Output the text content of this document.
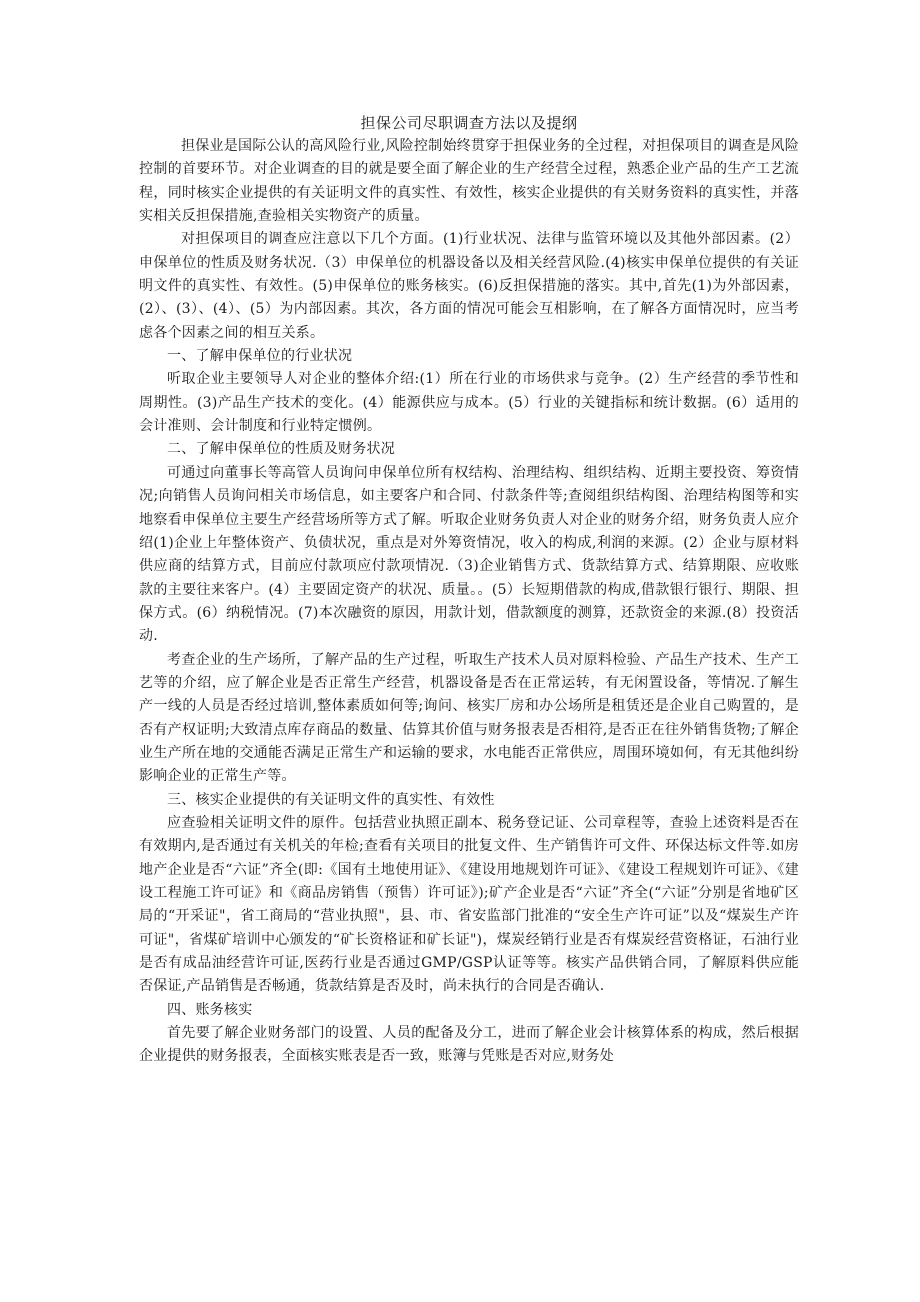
担保公司尽职调查方法以及提纲

担保业是国际公认的高风险行业,风险控制始终贯穿于担保业务的全过程，对担保项目的调查是风险控制的首要环节。对企业调查的目的就是要全面了解企业的生产经营全过程，熟悉企业产品的生产工艺流程，同时核实企业提供的有关证明文件的真实性、有效性，核实企业提供的有关财务资料的真实性，并落实相关反担保措施,查验相关实物资产的质量。

对担保项目的调查应注意以下几个方面。(1)行业状况、法律与监管环境以及其他外部因素。(2）申保单位的性质及财务状况.（3）申保单位的机器设备以及相关经营风险.(4)核实申保单位提供的有关证明文件的真实性、有效性。(5)申保单位的账务核实。(6)反担保措施的落实。其中,首先(1)为外部因素，(2）、(3）、(4）、(5）为内部因素。其次，各方面的情况可能会互相影响，在了解各方面情况时，应当考虑各个因素之间的相互关系。

一、了解申保单位的行业状况

听取企业主要领导人对企业的整体介绍:(1）所在行业的市场供求与竞争。(2）生产经营的季节性和周期性。(3)产品生产技术的变化。(4）能源供应与成本。(5）行业的关键指标和统计数据。(6）适用的会计准则、会计制度和行业特定惯例。

二、了解申保单位的性质及财务状况

可通过向董事长等高管人员询问申保单位所有权结构、治理结构、组织结构、近期主要投资、筹资情况;向销售人员询问相关市场信息，如主要客户和合同、付款条件等;查阅组织结构图、治理结构图等和实地察看申保单位主要生产经营场所等方式了解。听取企业财务负责人对企业的财务介绍，财务负责人应介绍(1)企业上年整体资产、负债状况，重点是对外筹资情况，收入的构成,利润的来源。(2）企业与原材料供应商的结算方式，目前应付款项应付款项情况.（3)企业销售方式、货款结算方式、结算期限、应收账款的主要往来客户。(4）主要固定资产的状况、质量。。(5）长短期借款的构成,借款银行银行、期限、担保方式。(6）纳税情况。(7)本次融资的原因，用款计划，借款额度的测算，还款资金的来源.(8）投资活动.

考查企业的生产场所，了解产品的生产过程，听取生产技术人员对原料检验、产品生产技术、生产工艺等的介绍，应了解企业是否正常生产经营，机器设备是否在正常运转，有无闲置设备，等情况.了解生产一线的人员是否经过培训,整体素质如何等;询问、核实厂房和办公场所是租赁还是企业自己购置的，是否有产权证明;大致清点库存商品的数量、估算其价值与财务报表是否相符,是否正在往外销售货物;了解企业生产所在地的交通能否满足正常生产和运输的要求，水电能否正常供应，周围环境如何，有无其他纠纷影响企业的正常生产等。

三、核实企业提供的有关证明文件的真实性、有效性

应查验相关证明文件的原件。包括营业执照正副本、税务登记证、公司章程等，查验上述资料是否在有效期内,是否通过有关机关的年检;查看有关项目的批复文件、生产销售许可文件、环保达标文件等.如房地产企业是否“六证”齐全(即:《国有土地使用证》、《建设用地规划许可证》、《建设工程规划许可证》、《建设工程施工许可证》和《商品房销售（预售）许可证》);矿产企业是否“六证”齐全(“六证”分别是省地矿区局的“开采证"，省工商局的“营业执照"，县、市、省安监部门批准的“安全生产许可证”以及“煤炭生产许可证"，省煤矿培训中心颁发的“矿长资格证和矿长证")，煤炭经销行业是否有煤炭经营资格证，石油行业是否有成品油经营许可证,医药行业是否通过GMP/GSP认证等等。核实产品供销合同，了解原料供应能否保证,产品销售是否畅通，货款结算是否及时，尚未执行的合同是否确认.

四、账务核实

首先要了解企业财务部门的设置、人员的配备及分工，进而了解企业会计核算体系的构成，然后根据企业提供的财务报表，全面核实账表是否一致，账簿与凭账是否对应,财务处
